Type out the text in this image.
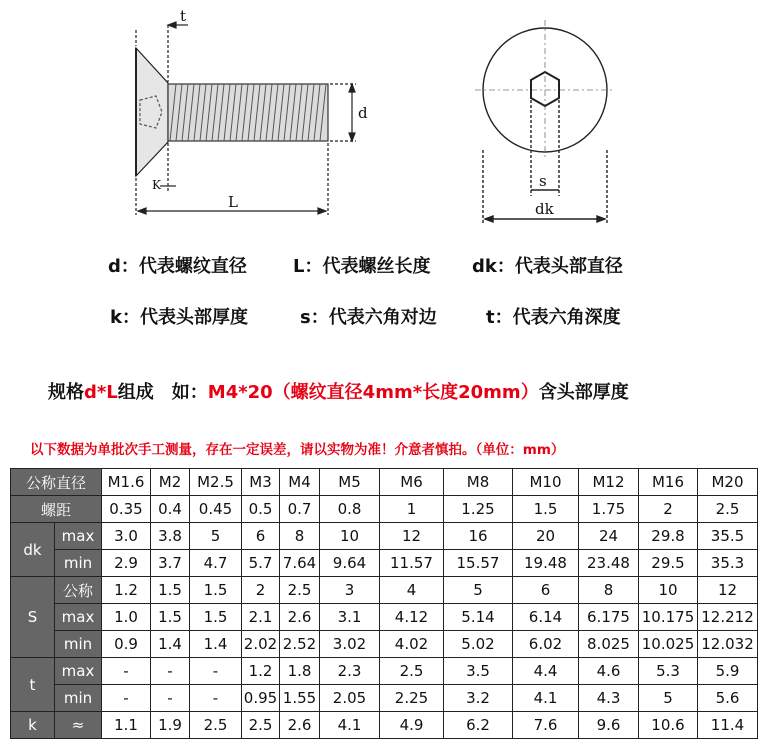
t
d
K
L
s
dk
d：代表螺纹直径	L：代表螺丝长度 dk：代表头部直径
k：代表头部厚度	s：代表六角对边	t：代表六角深度
规格d*L组成　如：M4*20（螺纹直径4mm*长度20mm）含头部厚度
以下数据为单批次手工测量，存在一定误差，请以实物为准！介意者慎拍。（单位：mm）
公称直径		M1.6	M2	M2.5	M3	M4	M5	M6	M8	M10	M12	M16	M20
螺距		0.35	0.4	0.45	0.5	0.7	0.8	1	1.25	1.5	1.75	2	2.5
dk	max	3.0	3.8	5	6	8	10	12	16	20	24	29.8	35.5
	min	2.9	3.7	4.7	5.7	7.64	9.64	11.57	15.57	19.48	23.48	29.5	35.3
S	公称	1.2	1.5	1.5	2	2.5	3	4	5	6	8	10	12
	max	1.0	1.5	1.5	2.1	2.6	3.1	4.12	5.14	6.14	6.175	10.175	12.212
	min	0.9	1.4	1.4	2.02	2.52	3.02	4.02	5.02	6.02	8.025	10.025	12.032
t	max	-	-	-	1.2	1.8	2.3	2.5	3.5	4.4	4.6	5.3	5.9
	min	-	-	-	0.95	1.55	2.05	2.25	3.2	4.1	4.3	5	5.6
k	≈	1.1	1.9	2.5	2.5	2.6	4.1	4.9	6.2	7.6	9.6	10.6	11.4
